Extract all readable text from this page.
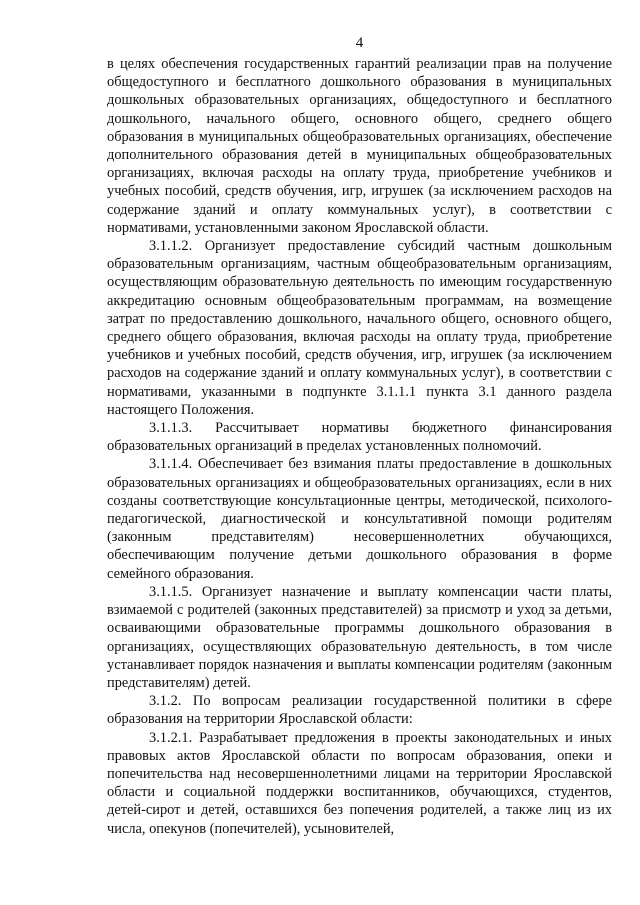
4

в целях обеспечения государственных гарантий реализации прав на получение общедоступного и бесплатного дошкольного образования в муниципальных дошкольных образовательных организациях, общедоступного и бесплатного дошкольного, начального общего, основного общего, среднего общего образования в муниципальных общеобразовательных организациях, обеспечение дополнительного образования детей в муниципальных общеобразовательных организациях, включая расходы на оплату труда, приобретение учебников и учебных пособий, средств обучения, игр, игрушек (за исключением расходов на содержание зданий и оплату коммунальных услуг), в соответствии с нормативами, установленными законом Ярославской области.

3.1.1.2. Организует предоставление субсидий частным дошкольным образовательным организациям, частным общеобразовательным организациям, осуществляющим образовательную деятельность по имеющим государственную аккредитацию основным общеобразовательным программам, на возмещение затрат по предоставлению дошкольного, начального общего, основного общего, среднего общего образования, включая расходы на оплату труда, приобретение учебников и учебных пособий, средств обучения, игр, игрушек (за исключением расходов на содержание зданий и оплату коммунальных услуг), в соответствии с нормативами, указанными в подпункте 3.1.1.1 пункта 3.1 данного раздела настоящего Положения.

3.1.1.3. Рассчитывает нормативы бюджетного финансирования образовательных организаций в пределах установленных полномочий.

3.1.1.4. Обеспечивает без взимания платы предоставление в дошкольных образовательных организациях и общеобразовательных организациях, если в них созданы соответствующие консультационные центры, методической, психолого-педагогической, диагностической и консультативной помощи родителям (законным представителям) несовершеннолетних обучающихся, обеспечивающим получение детьми дошкольного образования в форме семейного образования.

3.1.1.5. Организует назначение и выплату компенсации части платы, взимаемой с родителей (законных представителей) за присмотр и уход за детьми, осваивающими образовательные программы дошкольного образования в организациях, осуществляющих образовательную деятельность, в том числе устанавливает порядок назначения и выплаты компенсации родителям (законным представителям) детей.

3.1.2. По вопросам реализации государственной политики в сфере образования на территории Ярославской области:

3.1.2.1. Разрабатывает предложения в проекты законодательных и иных правовых актов Ярославской области по вопросам образования, опеки и попечительства над несовершеннолетними лицами на территории Ярославской области и социальной поддержки воспитанников, обучающихся, студентов, детей-сирот и детей, оставшихся без попечения родителей, а также лиц из их числа, опекунов (попечителей), усыновителей,
